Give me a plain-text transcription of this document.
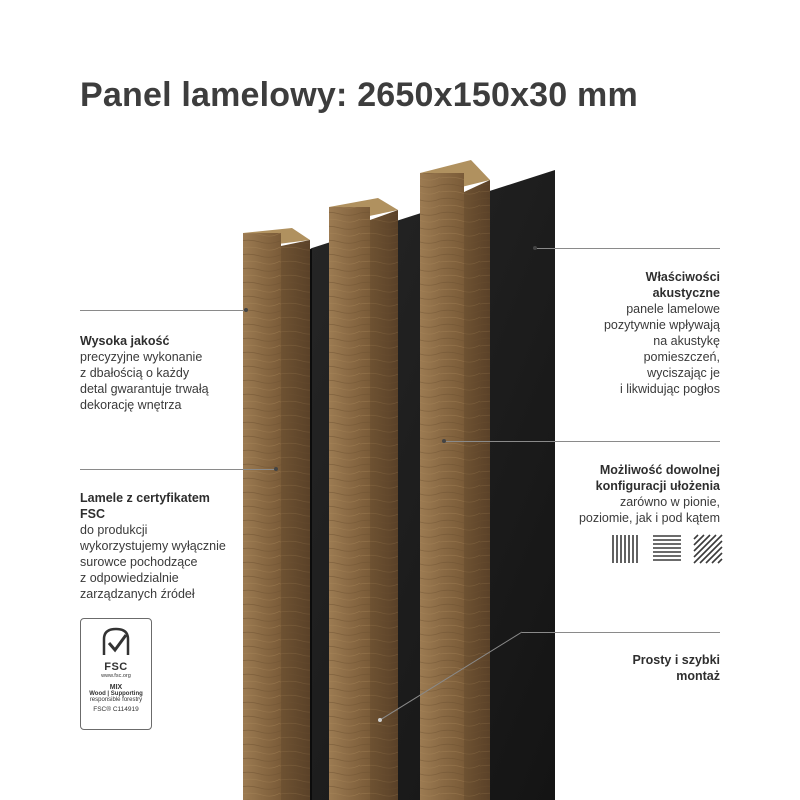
Panel lamelowy: 2650x150x30 mm
Wysoka jakość
precyzyjne wykonanie
z dbałością o każdy
detal gwarantuje trwałą
dekorację wnętrza
Lamele z certyfikatem
FSC
do produkcji
wykorzystujemy wyłącznie
surowce pochodzące
z odpowiedzialnie
zarządzanych źródeł
FSC
www.fsc.org
MIX
Wood | Supporting
responsible forestry
FSC® C114919
Właściwości
akustyczne
panele lamelowe
pozytywnie wpływają
na akustykę
pomieszczeń,
wyciszając je
i likwidując pogłos
Możliwość dowolnej
konfiguracji ułożenia
zarówno w pionie,
poziomie, jak i pod kątem
Prosty i szybki
montaż
